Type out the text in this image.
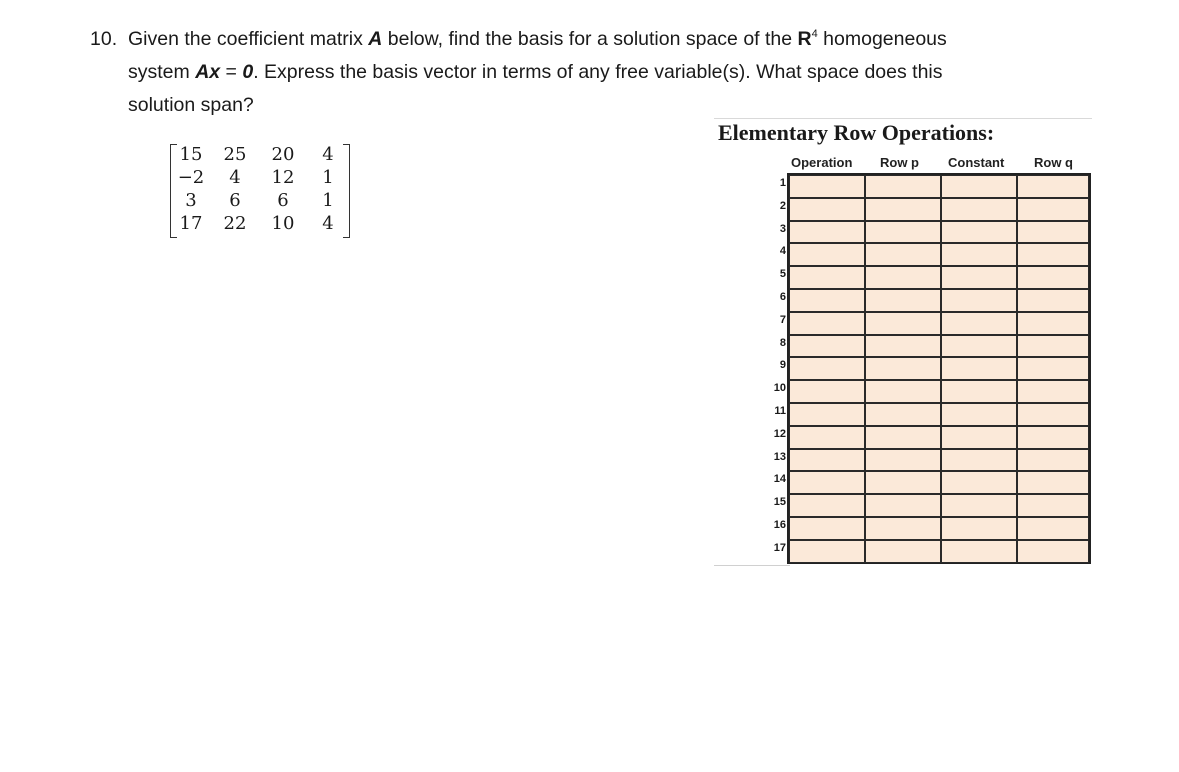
10. Given the coefficient matrix A below, find the basis for a solution space of the $R^4$ homogeneous
system Ax = 0. Express the basis vector in terms of any free variable(s). What space does this
solution span?
15	25	20	4
−2	4	12	1
3	6	6	1
17	22	10	4
Elementary Row Operations:
Operation Row p Constant Row q
1
2
3
4
5
6
7
8
9
10
11
12
13
14
15
16
17
